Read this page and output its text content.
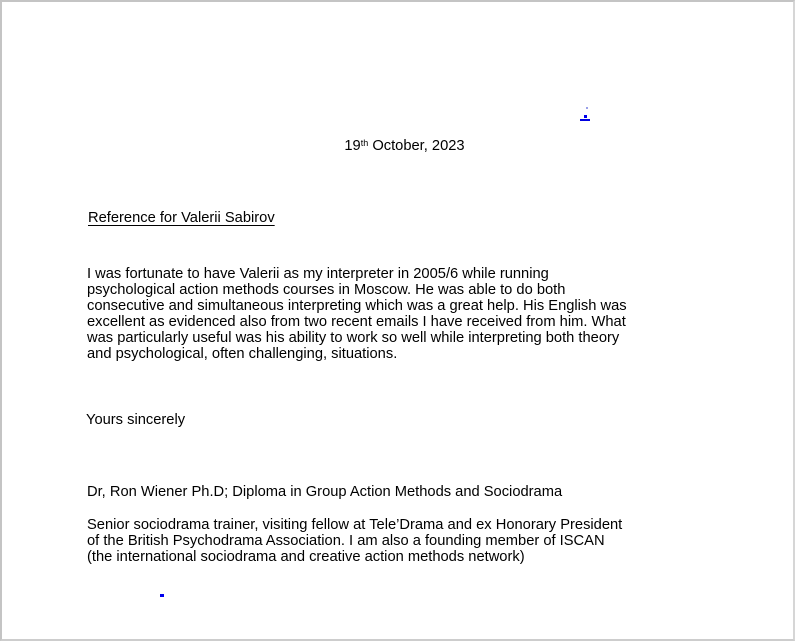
19th October, 2023
Reference for Valerii Sabirov
I was fortunate to have Valerii as my interpreter in 2005/6 while running
psychological action methods courses in Moscow. He was able to do both
consecutive and simultaneous interpreting which was a great help. His English was
excellent as evidenced also from two recent emails I have received from him. What
was particularly useful was his ability to work so well while interpreting both theory
and psychological, often challenging, situations.
Yours sincerely
Dr, Ron Wiener Ph.D; Diploma in Group Action Methods and Sociodrama
Senior sociodrama trainer, visiting fellow at Tele’Drama and ex Honorary President
of the British Psychodrama Association. I am also a founding member of ISCAN
(the international sociodrama and creative action methods network)
